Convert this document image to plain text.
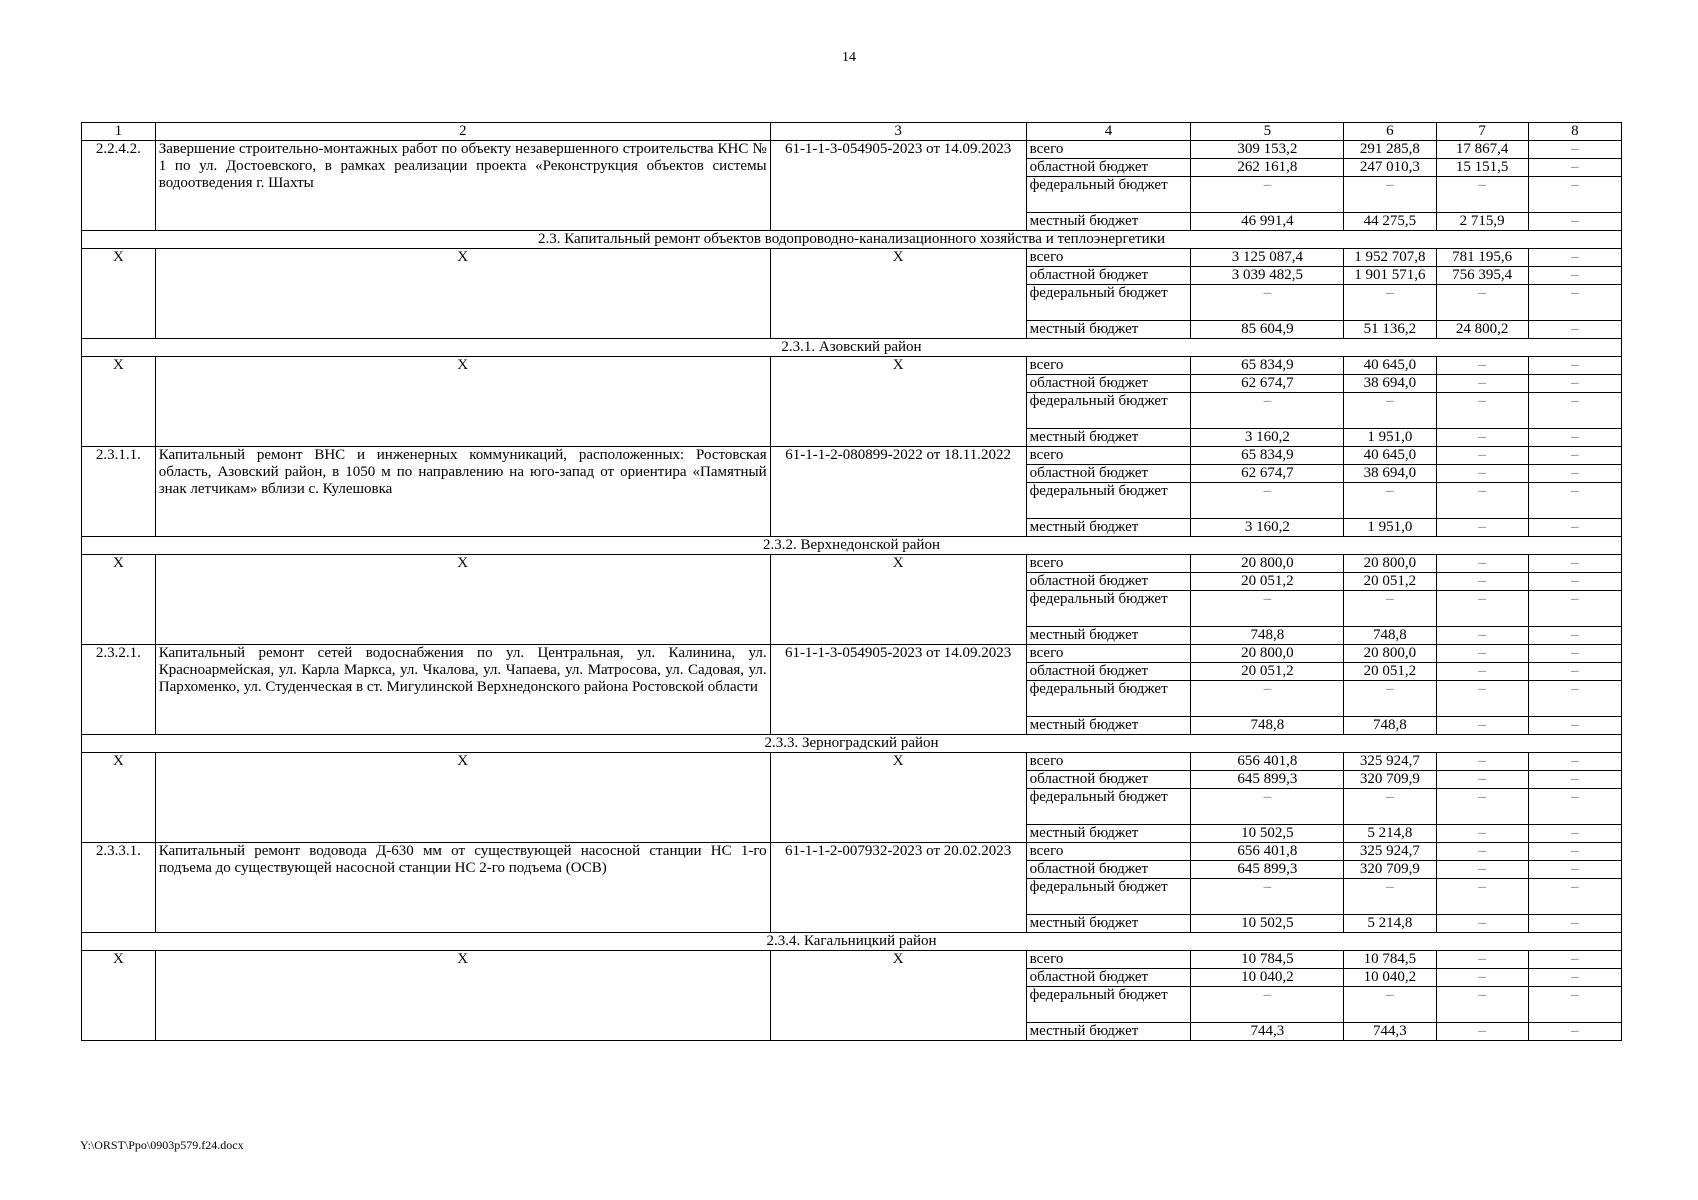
14
1	2	3	4	5	6	7	8
2.2.4.2.	Завершение строительно-монтажных работ по объекту незавершенного строительства КНС № 1 по ул. Достоевского, в рамках реализации проекта «Реконструкция объектов системы водоотведения г. Шахты	61-1-1-3-054905-2023 от 14.09.2023	всего	309 153,2	291 285,8	17 867,4	–
			областной бюджет	262 161,8	247 010,3	15 151,5	–
			федеральный бюджет	–	–	–	–
			местный бюджет	46 991,4	44 275,5	2 715,9	–
2.3. Капитальный ремонт объектов водопроводно-канализационного хозяйства и теплоэнергетики							
Х	Х	Х	всего	3 125 087,4	1 952 707,8	781 195,6	–
			областной бюджет	3 039 482,5	1 901 571,6	756 395,4	–
			федеральный бюджет	–	–	–	–
			местный бюджет	85 604,9	51 136,2	24 800,2	–
2.3.1. Азовский район							
Х	Х	Х	всего	65 834,9	40 645,0	–	–
			областной бюджет	62 674,7	38 694,0	–	–
			федеральный бюджет	–	–	–	–
			местный бюджет	3 160,2	1 951,0	–	–
2.3.1.1.	Капитальный ремонт ВНС и инженерных коммуникаций, расположенных: Ростовская область, Азовский район, в 1050 м по направлению на юго-запад от ориентира «Памятный знак летчикам» вблизи с. Кулешовка	61-1-1-2-080899-2022 от 18.11.2022	всего	65 834,9	40 645,0	–	–
			областной бюджет	62 674,7	38 694,0	–	–
			федеральный бюджет	–	–	–	–
			местный бюджет	3 160,2	1 951,0	–	–
2.3.2. Верхнедонской район							
Х	Х	Х	всего	20 800,0	20 800,0	–	–
			областной бюджет	20 051,2	20 051,2	–	–
			федеральный бюджет	–	–	–	–
			местный бюджет	748,8	748,8	–	–
2.3.2.1.	Капитальный ремонт сетей водоснабжения по ул. Центральная, ул. Калинина, ул. Красноармейская, ул. Карла Маркса, ул. Чкалова, ул. Чапаева, ул. Матросова, ул. Садовая, ул. Пархоменко, ул. Студенческая в ст. Мигулинской Верхнедонского района Ростовской области	61-1-1-3-054905-2023 от 14.09.2023	всего	20 800,0	20 800,0	–	–
			областной бюджет	20 051,2	20 051,2	–	–
			федеральный бюджет	–	–	–	–
			местный бюджет	748,8	748,8	–	–
2.3.3. Зерноградский район							
Х	Х	Х	всего	656 401,8	325 924,7	–	–
			областной бюджет	645 899,3	320 709,9	–	–
			федеральный бюджет	–	–	–	–
			местный бюджет	10 502,5	5 214,8	–	–
2.3.3.1.	Капитальный ремонт водовода Д-630 мм от существующей насосной станции НС 1-го подъема до существующей насосной станции НС 2-го подъема (ОСВ)	61-1-1-2-007932-2023 от 20.02.2023	всего	656 401,8	325 924,7	–	–
			областной бюджет	645 899,3	320 709,9	–	–
			федеральный бюджет	–	–	–	–
			местный бюджет	10 502,5	5 214,8	–	–
2.3.4. Кагальницкий район							
Х	Х	Х	всего	10 784,5	10 784,5	–	–
			областной бюджет	10 040,2	10 040,2	–	–
			федеральный бюджет	–	–	–	–
			местный бюджет	744,3	744,3	–	–
Y:\ORST\Ppo\0903p579.f24.docx
